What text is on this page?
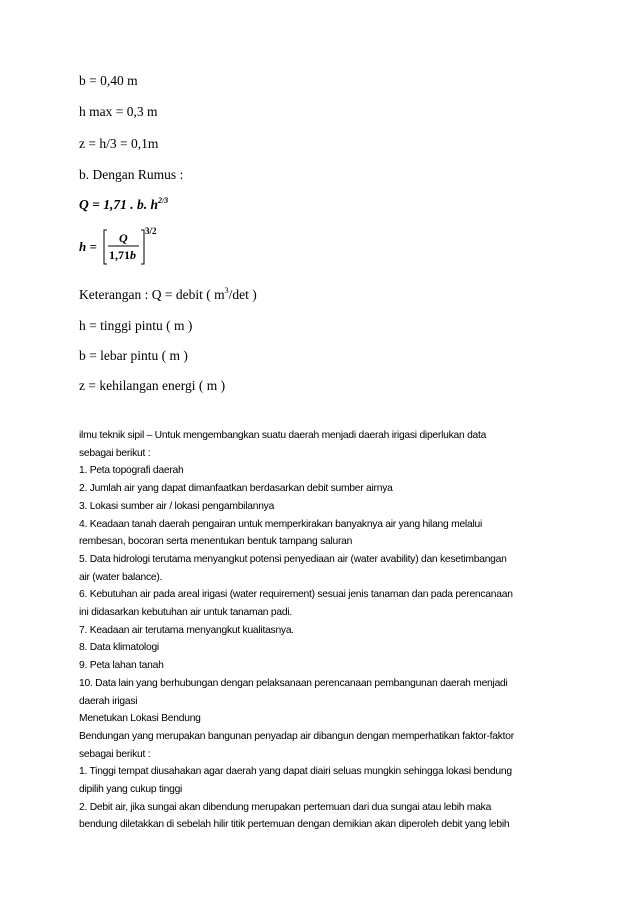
b = 0,40 m
h max = 0,3 m
z = h/3 = 0,1m
b. Dengan Rumus :
Q = 1,71 . b. $h^{2/3}$
h =
Q
1,71b
3/2
Keterangan : Q = debit ( $m^3/\det$ )
h = tinggi pintu ( m )
b = lebar pintu ( m )
z = kehilangan energi ( m )

ilmu teknik sipil – Untuk mengembangkan suatu daerah menjadi daerah irigasi diperlukan data

sebagai berikut :

1. Peta topografi daerah

2. Jumlah air yang dapat dimanfaatkan berdasarkan debit sumber airnya

3. Lokasi sumber air / lokasi pengambilannya

4. Keadaan tanah daerah pengairan untuk memperkirakan banyaknya air yang hilang melalui

rembesan, bocoran serta menentukan bentuk tampang saluran

5. Data hidrologi terutama menyangkut potensi penyediaan air (water avability) dan kesetimbangan

air (water balance).

6. Kebutuhan air pada areal irigasi (water requirement) sesuai jenis tanaman dan pada perencanaan

ini didasarkan kebutuhan air untuk tanaman padi.

7. Keadaan air terutama menyangkut kualitasnya.

8. Data klimatologi

9. Peta lahan tanah

10. Data lain yang berhubungan dengan pelaksanaan perencanaan pembangunan daerah menjadi

daerah irigasi

Menetukan Lokasi Bendung

Bendungan yang merupakan bangunan penyadap air dibangun dengan memperhatikan faktor-faktor

sebagai berikut :

1. Tinggi tempat diusahakan agar daerah yang dapat diairi seluas mungkin sehingga lokasi bendung

dipilih yang cukup tinggi

2. Debit air, jika sungai akan dibendung merupakan pertemuan dari dua sungai atau lebih maka

bendung diletakkan di sebelah hilir titik pertemuan dengan demikian akan diperoleh debit yang lebih
